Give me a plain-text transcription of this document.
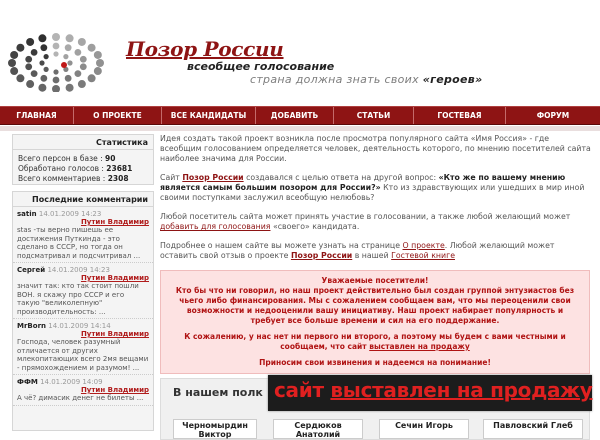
Позор России
всеобщее голосование
страна должна знать своих «героев»
ГЛАВНАЯ	О ПРОЕКТЕ	ВСЕ КАНДИДАТЫ	ДОБАВИТЬ	СТАТЬИ	ГОСТЕВАЯ	ФОРУМ
Статистика
Всего персон в базе : 90
Обработано голосов : 23681
Всего комментариев : 2308
Последние комментарии
satin 14.01.2009 14:23
Путин Владимир
stas -ты верно пишешь ее достижения Путкинда - это сделано в СССР, но тогда он подсматривал и подсчитривал ...
Сергей 14.01.2009 14:23
Путин Владимир
значит так: кто так стоит пошли ВОН. я скажу про СССР и его такую "великолепную" производительность: ...
MrBorn 14.01.2009 14:14
Путин Владимир
Господа, человек разумный отличается от других млекопитающих всего 2мя вещами - прямохождением и разумом! ...
ФФМ 14.01.2009 14:09
Путин Владимир
А чё? димасик денег не билеты ...

Идея создать такой проект возникла после просмотра популярного сайта «Имя Россия» - где всеобщим голосованием определяется человек, деятельность которого, по мнению посетителей сайта наиболее значима для России.

Сайт Позор России создавался с целью ответа на другой вопрос: «Кто же по вашему мнению является самым большим позором для России?» Кто из здравствующих или ушедших в мир иной своими поступками заслужил всеобщую нелюбовь?

Любой посетитель сайта может принять участие в голосовании, а также любой желающий может добавить для голосования «своего» кандидата.

Подробнее о нашем сайте вы можете узнать на странице О проекте. Любой желающий может оставить свой отзыв о проекте Позор России в нашей Гостевой книге

Уважаемые посетители!
Кто бы что ни говорил, но наш проект действительно был создан группой энтузиастов без чьего либо финансирования. Мы с сожалением сообщаем вам, что мы переоценили свои возможности и недооценили вашу инициативу. Наш проект набирает популярность и требует все больше времени и сил на его поддержание.
К сожалению, у нас нет ни первого ни второго, а поэтому мы будем с вами честными и сообщаем, что сайт выставлен на продажу
Приносим свои извинения и надеемся на понимание!
В нашем полк
Черномырдин Виктор
Сердюков Анатолий
Сечин Игорь	Павловский Глеб
сайт выставлен на продажу
